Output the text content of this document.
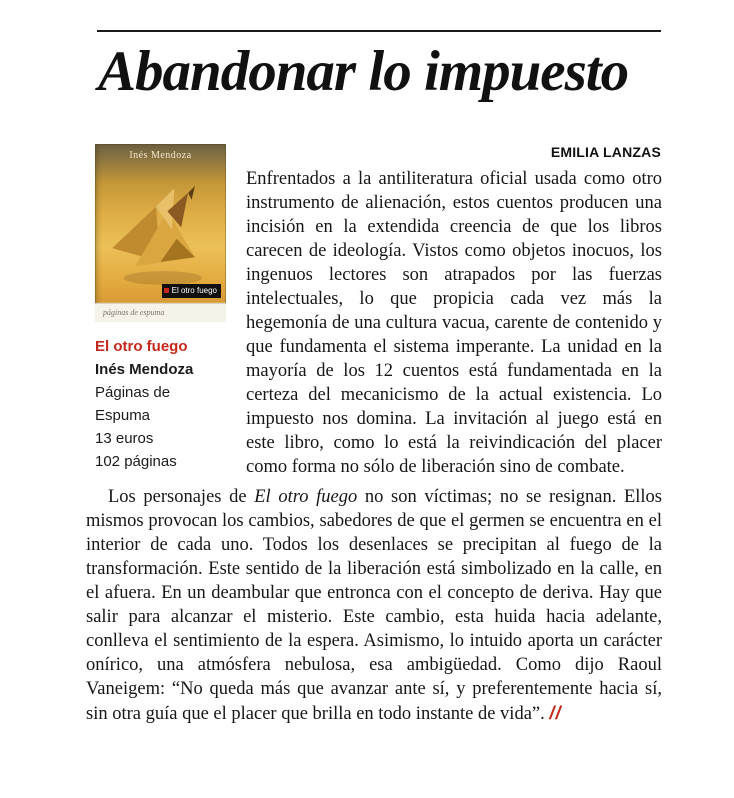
Abandonar lo impuesto
Inés Mendoza
El otro fuego
páginas de espuma
El otro fuego
Inés Mendoza
Páginas de Espuma
13 euros
102 páginas
EMILIA LANZAS

Enfrentados a la antiliteratura oficial usada como otro instrumento de alienación, estos cuentos producen una incisión en la extendida creencia de que los libros carecen de ideología. Vistos como objetos inocuos, los ingenuos lectores son atrapados por las fuerzas intelectuales, lo que propicia cada vez más la hegemonía de una cultura vacua, carente de contenido y que fundamenta el sistema imperante. La unidad en la mayoría de los 12 cuentos está fundamentada en la certeza del mecanicismo de la actual existencia. Lo impuesto nos domina. La invitación al juego está en este libro, como lo está la reivindicación del placer como forma no sólo de liberación sino de combate.

Los personajes de El otro fuego no son víctimas; no se resignan. Ellos mismos provocan los cambios, sabedores de que el germen se encuentra en el interior de cada uno. Todos los desenlaces se precipitan al fuego de la transformación. Este sentido de la liberación está simbolizado en la calle, en el afuera. En un deambular que entronca con el concepto de deriva. Hay que salir para alcanzar el misterio. Este cambio, esta huida hacia adelante, conlleva el sentimiento de la espera. Asimismo, lo intuido aporta un carácter onírico, una atmósfera nebulosa, esa ambigüedad. Como dijo Raoul Vaneigem: “No queda más que avanzar ante sí, y preferentemente hacia sí, sin otra guía que el placer que brilla en todo instante de vida”. //
